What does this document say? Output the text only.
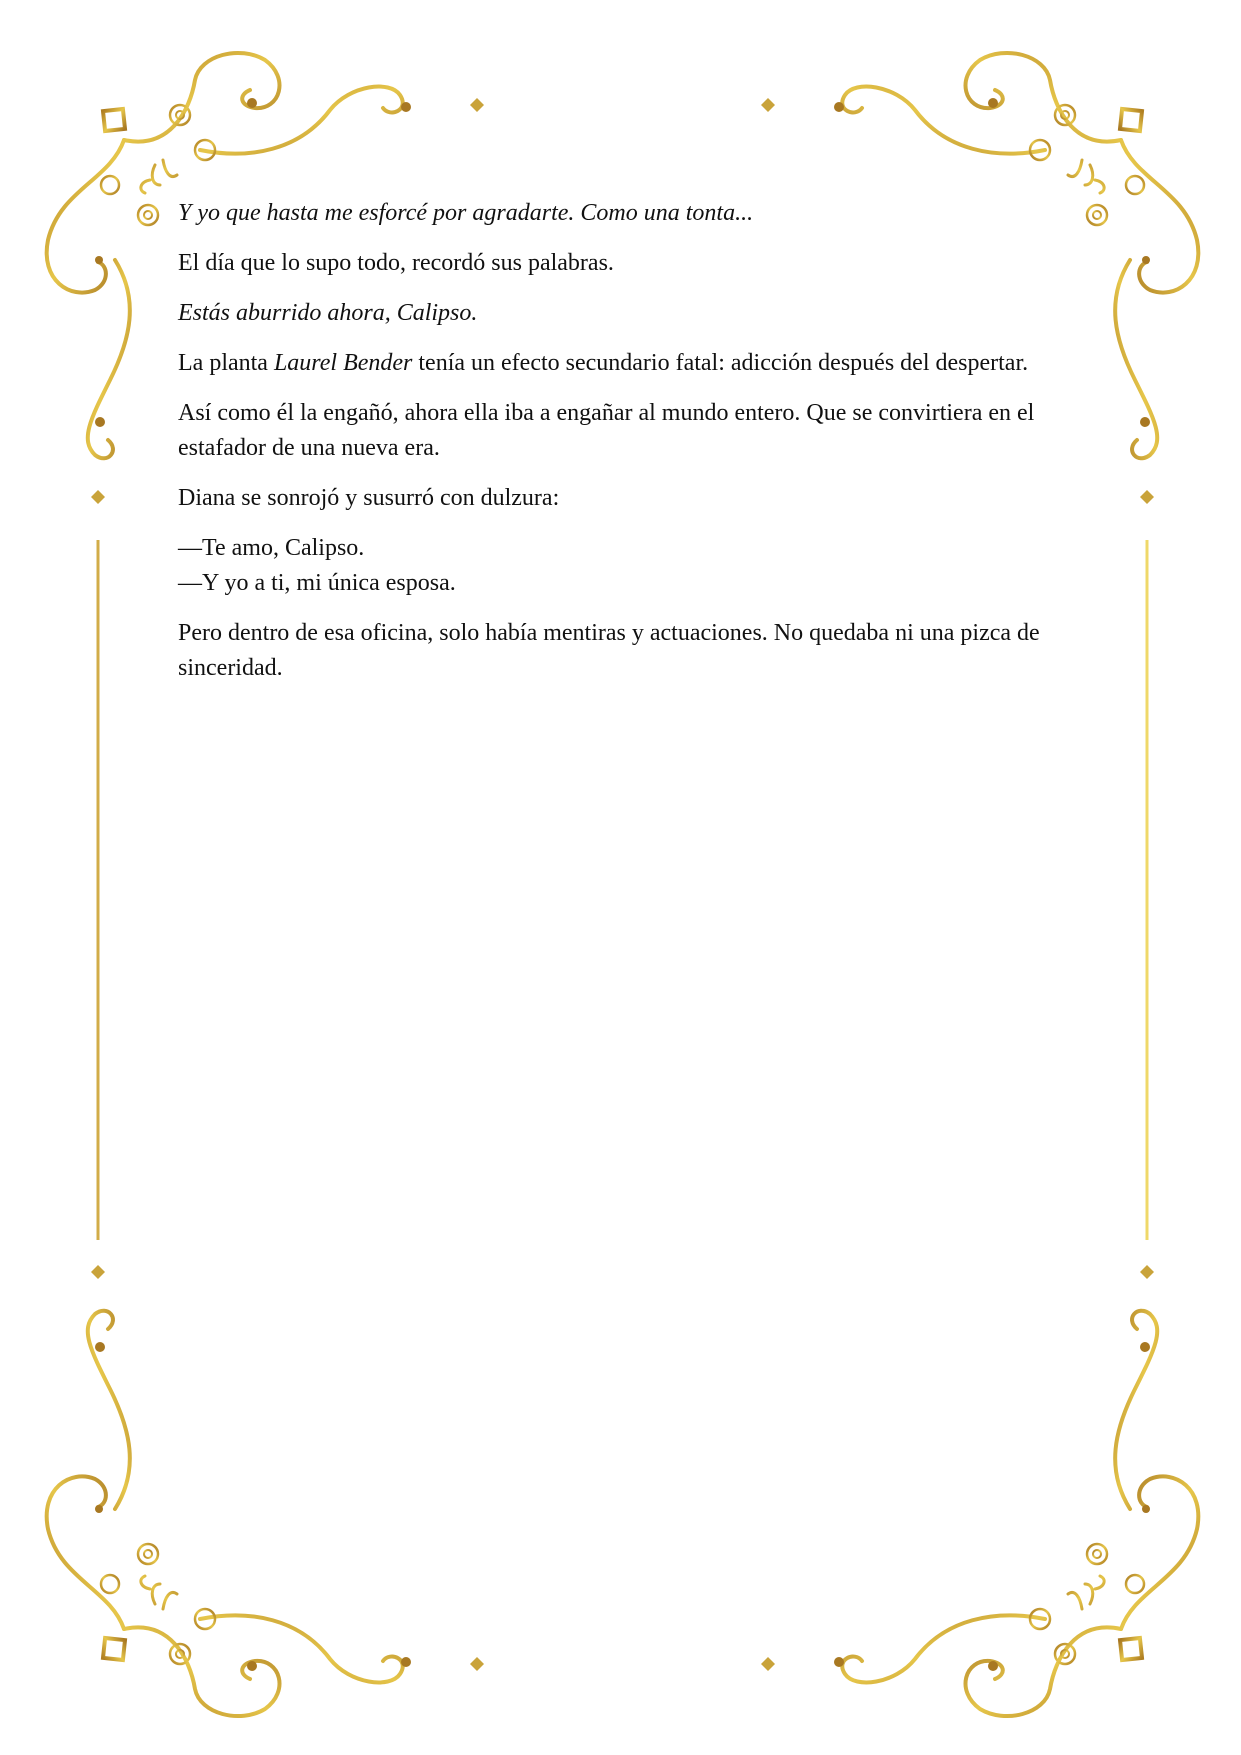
Y yo que hasta me esforcé por agradarte. Como una tonta...

El día que lo supo todo, recordó sus palabras.

Estás aburrido ahora, Calipso.

La planta Laurel Bender tenía un efecto secundario fatal: adicción después del despertar.

Así como él la engañó, ahora ella iba a engañar al mundo entero. Que se convirtiera en el estafador de una nueva era.

Diana se sonrojó y susurró con dulzura:

—Te amo, Calipso.
—Y yo a ti, mi única esposa.

Pero dentro de esa oficina, solo había mentiras y actuaciones. No quedaba ni una pizca de sinceridad.
